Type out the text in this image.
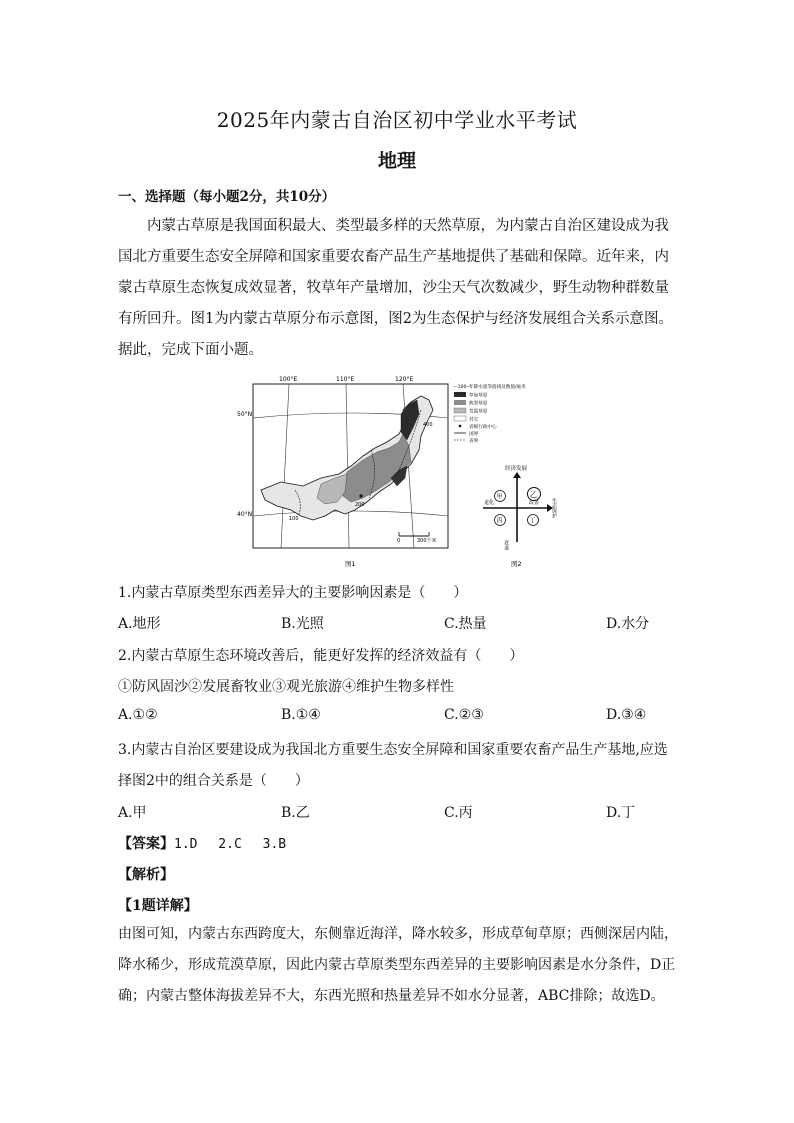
2025年内蒙古自治区初中学业水平考试
地理
一、选择题（每小题2分，共10分）
内蒙古草原是我国面积最大、类型最多样的天然草原，为内蒙古自治区建设成为我国北方重要生态安全屏障和国家重要农畜产品生产基地提供了基础和保障。近年来，内蒙古草原生态恢复成效显著，牧草年产量增加，沙尘天气次数减少，野生动物种群数量有所回升。图1为内蒙古草原分布示意图，图2为生态保护与经济发展组合关系示意图。据此，完成下面小题。
100°E	110°E	120°E
50°N
40°N
100
400
200
0	300千米
图1
—100—
年降水量等值线及数值/毫米
草甸草原
典型草原
荒漠草原
其它
省级行政中心
国界
省界
经济发展
退化	改善 生态保护
衰退
甲	乙
丙	丁
图2
1.内蒙古草原类型东西差异大的主要影响因素是（　　）
A.地形	B.光照	C.热量	D.水分
2.内蒙古草原生态环境改善后，能更好发挥的经济效益有（　　）
①防风固沙②发展畜牧业③观光旅游④维护生物多样性
A.①②	B.①④	C.②③	D.③④
3.内蒙古自治区要建设成为我国北方重要生态安全屏障和国家重要农畜产品生产基地,应选
择图2中的组合关系是（　　）
A.甲	B.乙	C.丙	D.丁
【答案】1.D　 2.C　 3.B
【解析】
【1题详解】
由图可知，内蒙古东西跨度大，东侧靠近海洋，降水较多，形成草甸草原；西侧深居内陆，降水稀少，形成荒漠草原，因此内蒙古草原类型东西差异的主要影响因素是水分条件，D正确；内蒙古整体海拔差异不大，东西光照和热量差异不如水分显著，ABC排除；故选D。
